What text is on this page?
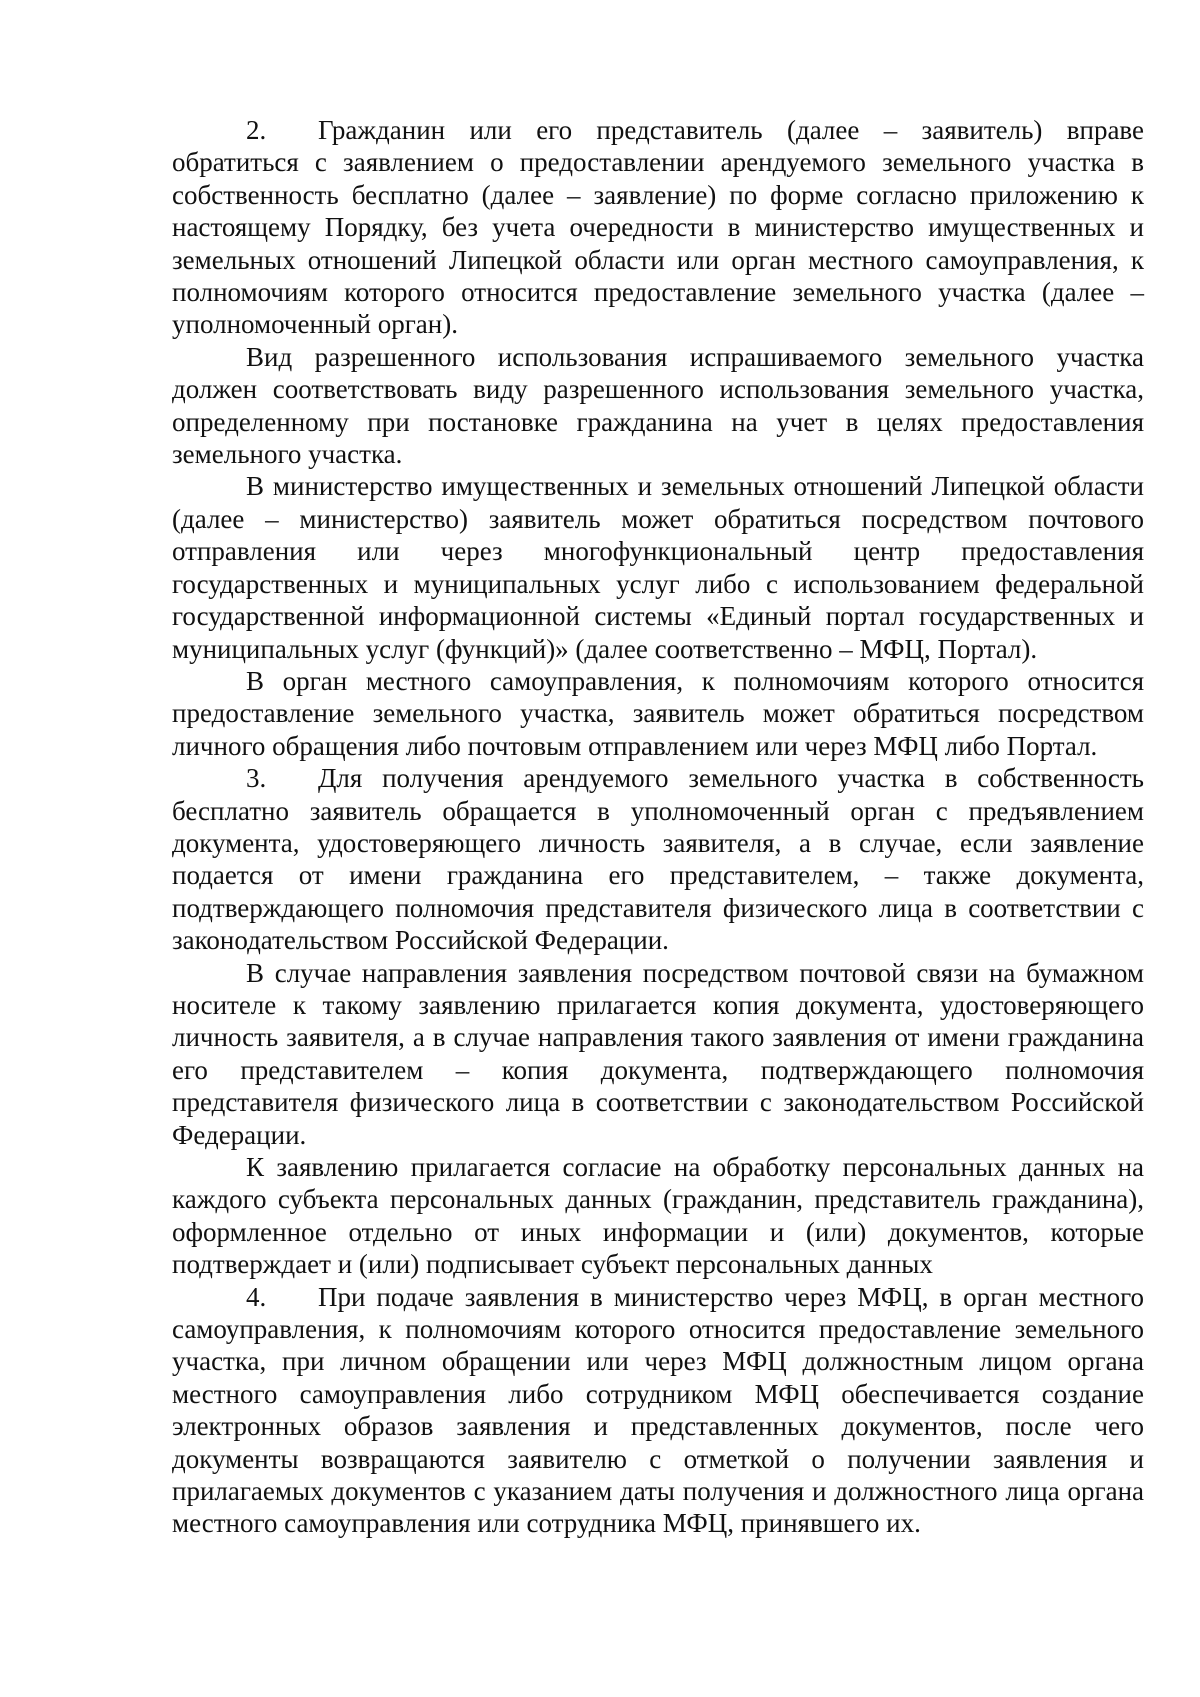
2. Гражданин или его представитель (далее – заявитель) вправе обратиться с заявлением о предоставлении арендуемого земельного участка в собственность бесплатно (далее – заявление) по форме согласно приложению к настоящему Порядку, без учета очередности в министерство имущественных и земельных отношений Липецкой области или орган местного самоуправления, к полномочиям которого относится предоставление земельного участка (далее – уполномоченный орган).

Вид разрешенного использования испрашиваемого земельного участка должен соответствовать виду разрешенного использования земельного участка, определенному при постановке гражданина на учет в целях предоставления земельного участка.

В министерство имущественных и земельных отношений Липецкой области (далее – министерство) заявитель может обратиться посредством почтового отправления или через многофункциональный центр предоставления государственных и муниципальных услуг либо с использованием федеральной государственной информационной системы «Единый портал государственных и муниципальных услуг (функций)» (далее соответственно – МФЦ, Портал).

В орган местного самоуправления, к полномочиям которого относится предоставление земельного участка, заявитель может обратиться посредством личного обращения либо почтовым отправлением или через МФЦ либо Портал.

3. Для получения арендуемого земельного участка в собственность бесплатно заявитель обращается в уполномоченный орган с предъявлением документа, удостоверяющего личность заявителя, а в случае, если заявление подается от имени гражданина его представителем, – также документа, подтверждающего полномочия представителя физического лица в соответствии с законодательством Российской Федерации.

В случае направления заявления посредством почтовой связи на бумажном носителе к такому заявлению прилагается копия документа, удостоверяющего личность заявителя, а в случае направления такого заявления от имени гражданина его представителем – копия документа, подтверждающего полномочия представителя физического лица в соответствии с законодательством Российской Федерации.

К заявлению прилагается согласие на обработку персональных данных на каждого субъекта персональных данных (гражданин, представитель гражданина), оформленное отдельно от иных информации и (или) документов, которые подтверждает и (или) подписывает субъект персональных данных

4. При подаче заявления в министерство через МФЦ, в орган местного самоуправления, к полномочиям которого относится предоставление земельного участка, при личном обращении или через МФЦ должностным лицом органа местного самоуправления либо сотрудником МФЦ обеспечивается создание электронных образов заявления и представленных документов, после чего документы возвращаются заявителю с отметкой о получении заявления и прилагаемых документов с указанием даты получения и должностного лица органа местного самоуправления или сотрудника МФЦ, принявшего их.
